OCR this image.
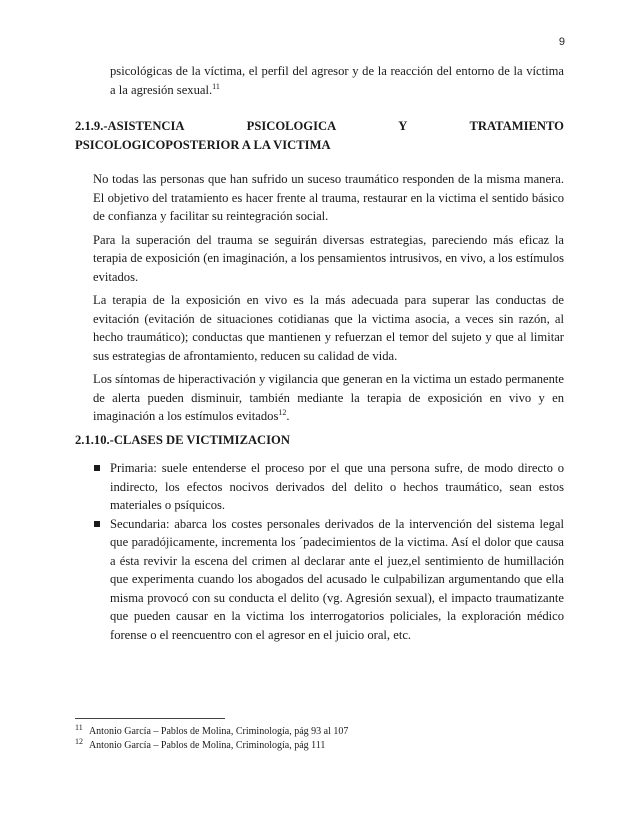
9

psicológicas de la víctima, el perfil del agresor y de la reacción del entorno de la víctima a la agresión sexual.$^{11}$

2.1.9.-ASISTENCIA	PSICOLOGICA	Y	TRATAMIENTO
PSICOLOGICOPOSTERIOR A LA VICTIMA

No todas las personas que han sufrido un suceso traumático responden de la misma manera. El objetivo del tratamiento es hacer frente al trauma, restaurar en la victima el sentido básico de confianza y facilitar su reintegración social.

Para la superación del trauma se seguirán diversas estrategias, pareciendo más eficaz la terapia de exposición (en imaginación, a los pensamientos intrusivos, en vivo, a los estímulos evitados.

La terapia de la exposición en vivo es la más adecuada para superar las conductas de evitación (evitación de situaciones cotidianas que la victima asocia, a veces sin razón, al hecho traumático); conductas que mantienen y refuerzan el temor del sujeto y que al limitar sus estrategias de afrontamiento, reducen su calidad de vida.

Los síntomas de hiperactivación y vigilancia que generan en la victima un estado permanente de alerta pueden disminuir, también mediante la terapia de exposición en vivo y en imaginación a los estímulos evitados$^{12}$.

2.1.10.-CLASES DE VICTIMIZACION
Primaria: suele entenderse el proceso por el que una persona sufre, de modo directo o indirecto, los efectos nocivos derivados del delito o hechos traumático, sean estos materiales o psíquicos.
Secundaria: abarca los costes personales derivados de la intervención del sistema legal que paradójicamente, incrementa los ´padecimientos de la victima. Así el dolor que causa a ésta revivir la escena del crimen al declarar ante el juez,el sentimiento de humillación que experimenta cuando los abogados del acusado le culpabilizan argumentando que ella misma provocó con su conducta el delito (vg. Agresión sexual), el impacto traumatizante que pueden causar en la victima los interrogatorios policiales, la exploración médico forense o el reencuentro con el agresor en el juicio oral, etc.

11 Antonio García – Pablos de Molina, Criminología, pág 93 al 107

12 Antonio García – Pablos de Molina, Criminología, pág 111
